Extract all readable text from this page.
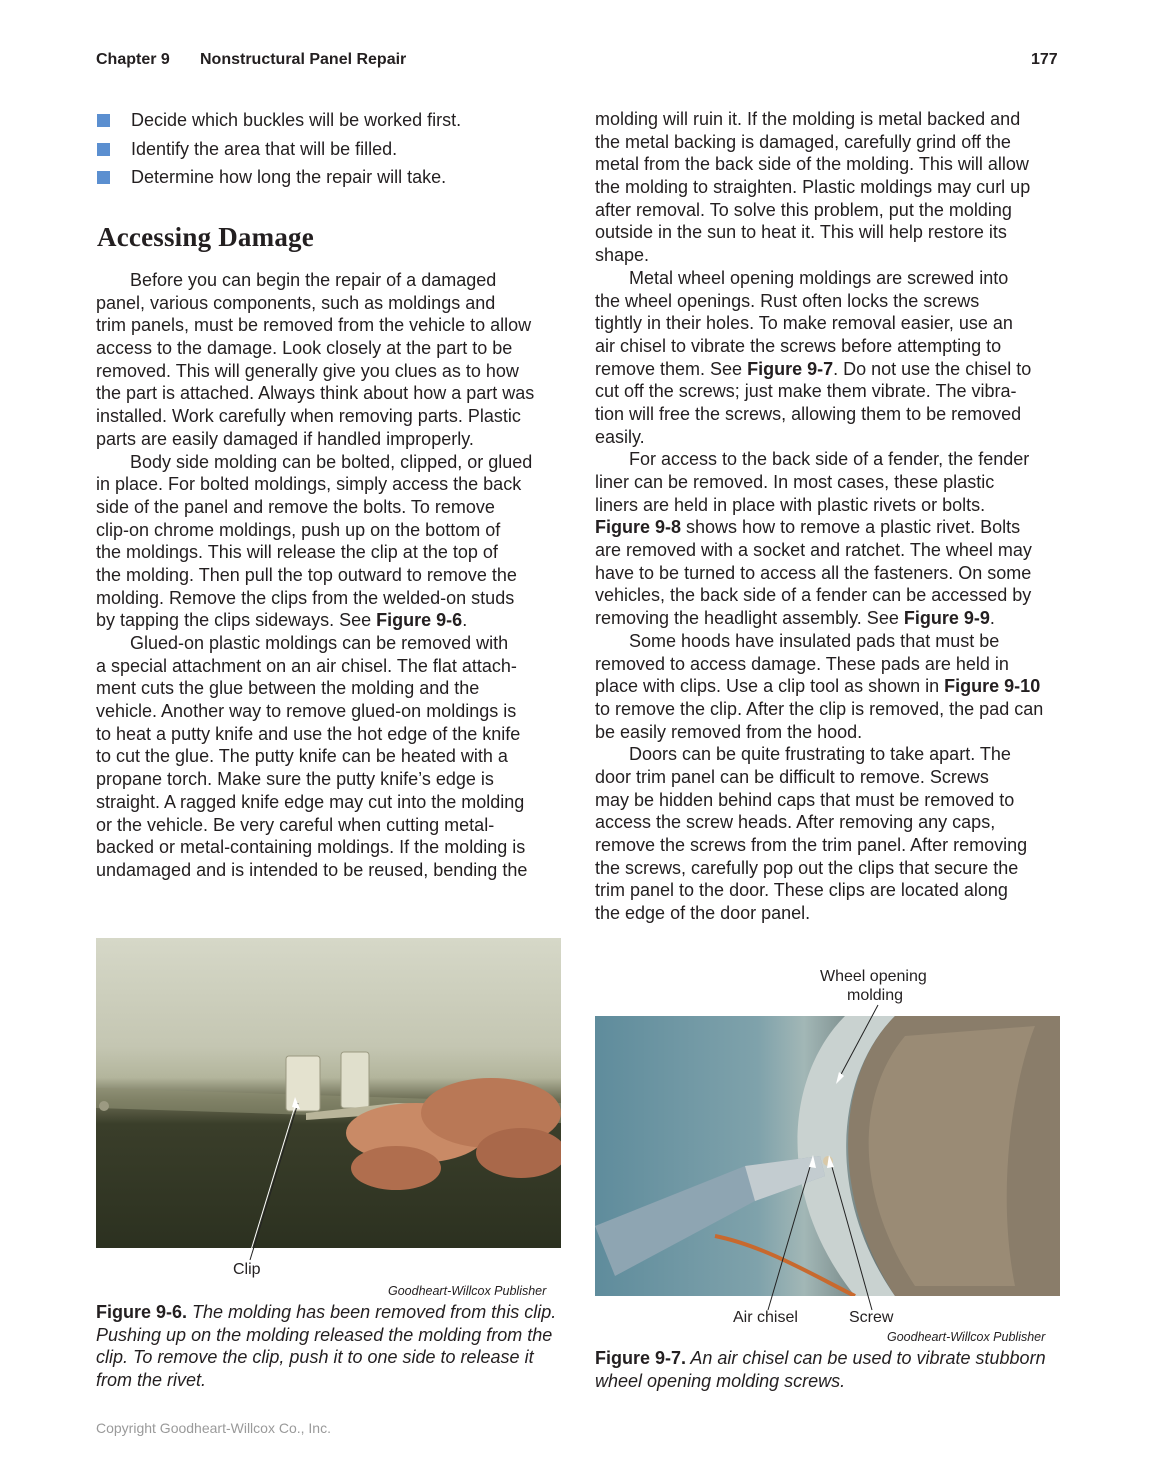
Chapter 9 Nonstructural Panel Repair	177
Decide which buckles will be worked first.
Identify the area that will be filled.
Determine how long the repair will take.
Accessing Damage
Before you can begin the repair of a damaged
panel, various components, such as moldings and
trim panels, must be removed from the vehicle to allow
access to the damage. Look closely at the part to be
removed. This will generally give you clues as to how
the part is attached. Always think about how a part was
installed. Work carefully when removing parts. Plastic
parts are easily damaged if handled improperly.
Body side molding can be bolted, clipped, or glued
in place. For bolted moldings, simply access the back
side of the panel and remove the bolts. To remove
clip-on chrome moldings, push up on the bottom of
the moldings. This will release the clip at the top of
the molding. Then pull the top outward to remove the
molding. Remove the clips from the welded-on studs
by tapping the clips sideways. See Figure 9-6.
Glued-on plastic moldings can be removed with
a special attachment on an air chisel. The flat attach-
ment cuts the glue between the molding and the
vehicle. Another way to remove glued-on moldings is
to heat a putty knife and use the hot edge of the knife
to cut the glue. The putty knife can be heated with a
propane torch. Make sure the putty knife’s edge is
straight. A ragged knife edge may cut into the molding
or the vehicle. Be very careful when cutting metal-
backed or metal-containing moldings. If the molding is
undamaged and is intended to be reused, bending the
molding will ruin it. If the molding is metal backed and
the metal backing is damaged, carefully grind off the
metal from the back side of the molding. This will allow
the molding to straighten. Plastic moldings may curl up
after removal. To solve this problem, put the molding
outside in the sun to heat it. This will help restore its
shape.
Metal wheel opening moldings are screwed into
the wheel openings. Rust often locks the screws
tightly in their holes. To make removal easier, use an
air chisel to vibrate the screws before attempting to
remove them. See Figure 9-7. Do not use the chisel to
cut off the screws; just make them vibrate. The vibra-
tion will free the screws, allowing them to be removed
easily.
For access to the back side of a fender, the fender
liner can be removed. In most cases, these plastic
liners are held in place with plastic rivets or bolts.
Figure 9-8 shows how to remove a plastic rivet. Bolts
are removed with a socket and ratchet. The wheel may
have to be turned to access all the fasteners. On some
vehicles, the back side of a fender can be accessed by
removing the headlight assembly. See Figure 9-9.
Some hoods have insulated pads that must be
removed to access damage. These pads are held in
place with clips. Use a clip tool as shown in Figure 9-10
to remove the clip. After the clip is removed, the pad can
be easily removed from the hood.
Doors can be quite frustrating to take apart. The
door trim panel can be difficult to remove. Screws
may be hidden behind caps that must be removed to
access the screw heads. After removing any caps,
remove the screws from the trim panel. After removing
the screws, carefully pop out the clips that secure the
trim panel to the door. These clips are located along
the edge of the door panel.
Clip
Goodheart-Willcox Publisher
Figure 9-6. The molding has been removed from this clip. Pushing up on the molding released the molding from the clip. To remove the clip, push it to one side to release it from the rivet.
Wheel opening
molding
Air chisel	Screw
Goodheart-Willcox Publisher
Figure 9-7. An air chisel can be used to vibrate stubborn wheel opening molding screws.
Copyright Goodheart-Willcox Co., Inc.
